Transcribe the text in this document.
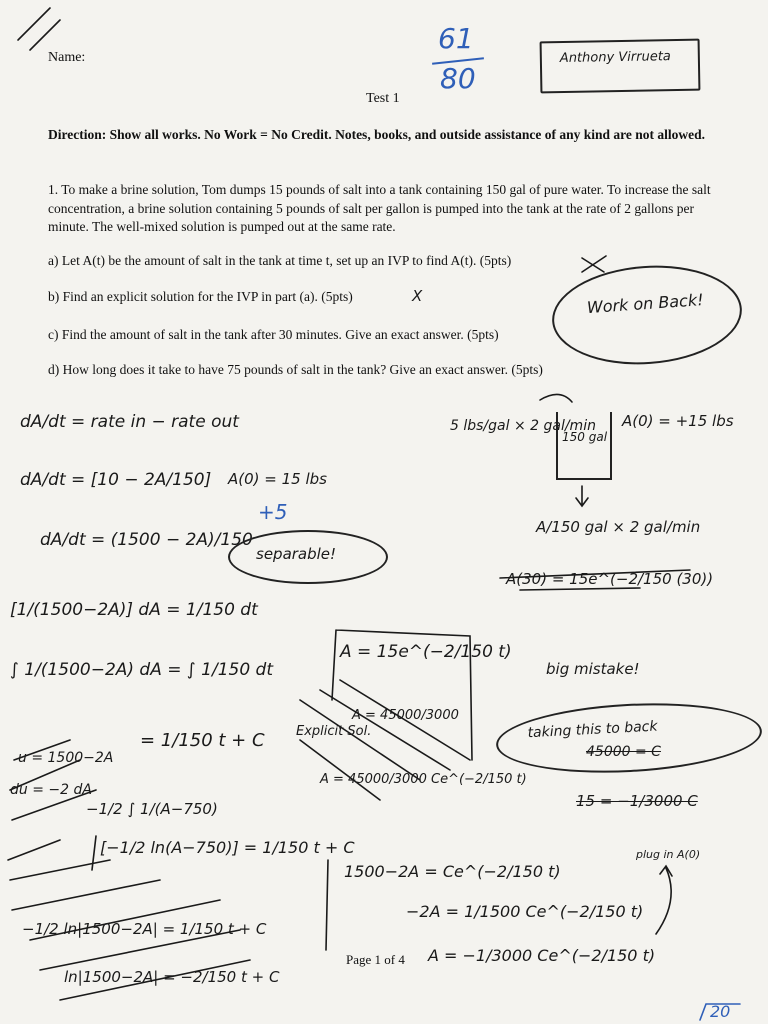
Name:
Test 1
Anthony Virrueta
61
80
Direction: Show all works. No Work = No Credit. Notes, books, and outside assistance of any kind are not allowed.
1. To make a brine solution, Tom dumps 15 pounds of salt into a tank containing 150 gal of pure water. To increase the salt concentration, a brine solution containing 5 pounds of salt per gallon is pumped into the tank at the rate of 2 gallons per minute. The well-mixed solution is pumped out at the same rate.
a) Let A(t) be the amount of salt in the tank at time t, set up an IVP to find A(t). (5pts)
b) Find an explicit solution for the IVP in part (a). (5pts)
c) Find the amount of salt in the tank after 30 minutes. Give an exact answer. (5pts)
d) How long does it take to have 75 pounds of salt in the tank? Give an exact answer. (5pts)
X	Work on Back!
dA/dt = rate in − rate out
dA/dt = [10 − 2A/150] A(0) = 15 lbs
+5
dA/dt = (1500 − 2A)/150
separable!
[1/(1500−2A)] dA = 1/150 dt
∫ 1/(1500−2A) dA = ∫ 1/150 dt
= 1/150 t + C
u = 1500−2A
du = −2 dA
−1/2 ∫ 1/(A−750)
[−1/2 ln(A−750)] = 1/150 t + C
−1/2 ln|1500−2A| = 1/150 t + C
ln|1500−2A| = −2/150 t + C
5 lbs/gal × 2 gal/min
150 gal
A(0) = +15 lbs
A/150 gal × 2 gal/min
A(30) = 15e^(−2/150 (30))
big mistake!
A = 15e^(−2/150 t)
Explicit Sol.
A = 45000/3000
A = 45000/3000 Ce^(−2/150 t)
taking this to back
45000 = C
15 = −1/3000 C
plug in A(0)
1500−2A = Ce^(−2/150 t)
−2A = 1/1500 Ce^(−2/150 t)
A = −1/3000 Ce^(−2/150 t)
Page 1 of 4
20
